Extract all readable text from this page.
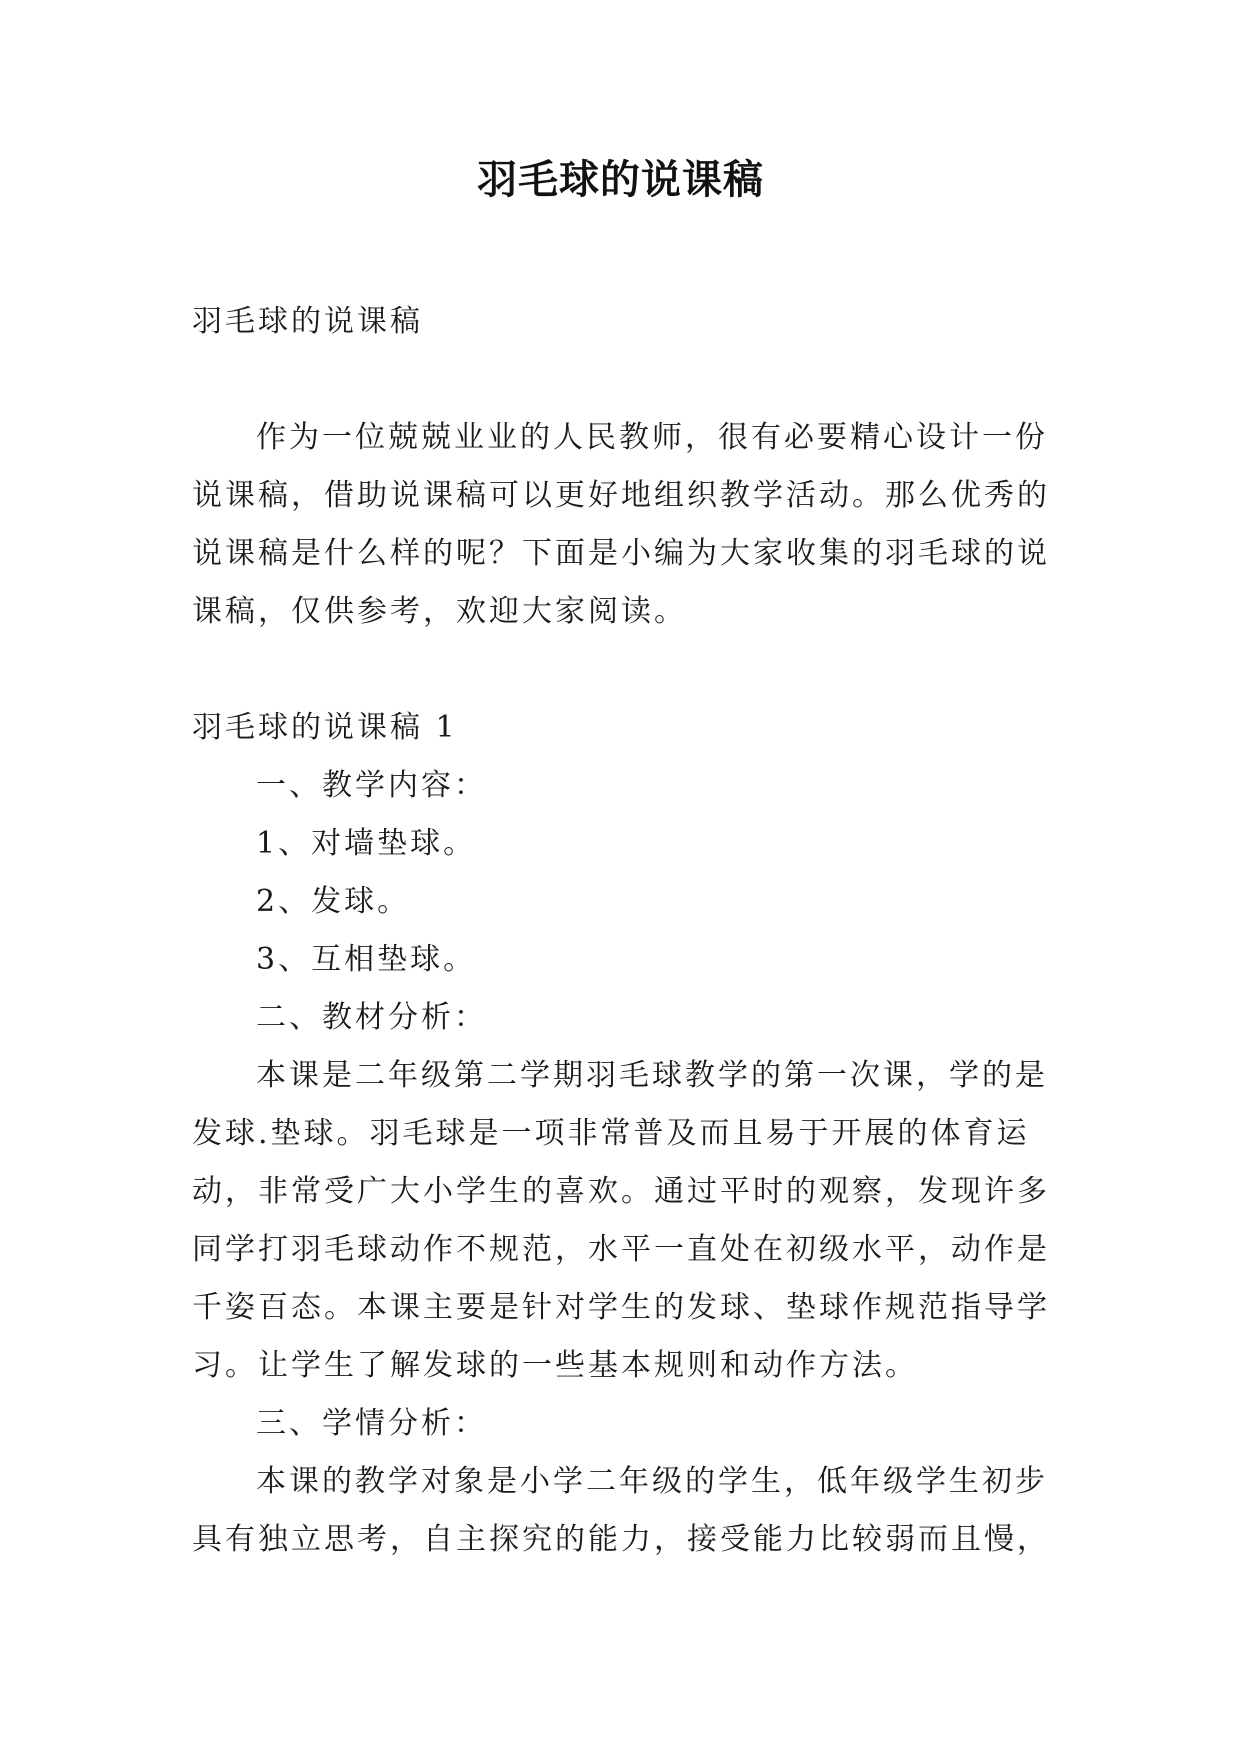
羽毛球的说课稿

羽毛球的说课稿

作为一位兢兢业业的人民教师，很有必要精心设计一份说课稿，借助说课稿可以更好地组织教学活动。那么优秀的说课稿是什么样的呢？下面是小编为大家收集的羽毛球的说课稿，仅供参考，欢迎大家阅读。

羽毛球的说课稿 1

一、教学内容：

1、对墙垫球。

2、发球。

3、互相垫球。

二、教材分析：

本课是二年级第二学期羽毛球教学的第一次课，学的是发球.垫球。羽毛球是一项非常普及而且易于开展的体育运动，非常受广大小学生的喜欢。通过平时的观察，发现许多同学打羽毛球动作不规范，水平一直处在初级水平，动作是千姿百态。本课主要是针对学生的发球、垫球作规范指导学习。让学生了解发球的一些基本规则和动作方法。

三、学情分析：

本课的教学对象是小学二年级的学生，低年级学生初步具有独立思考，自主探究的能力，接受能力比较弱而且慢，
